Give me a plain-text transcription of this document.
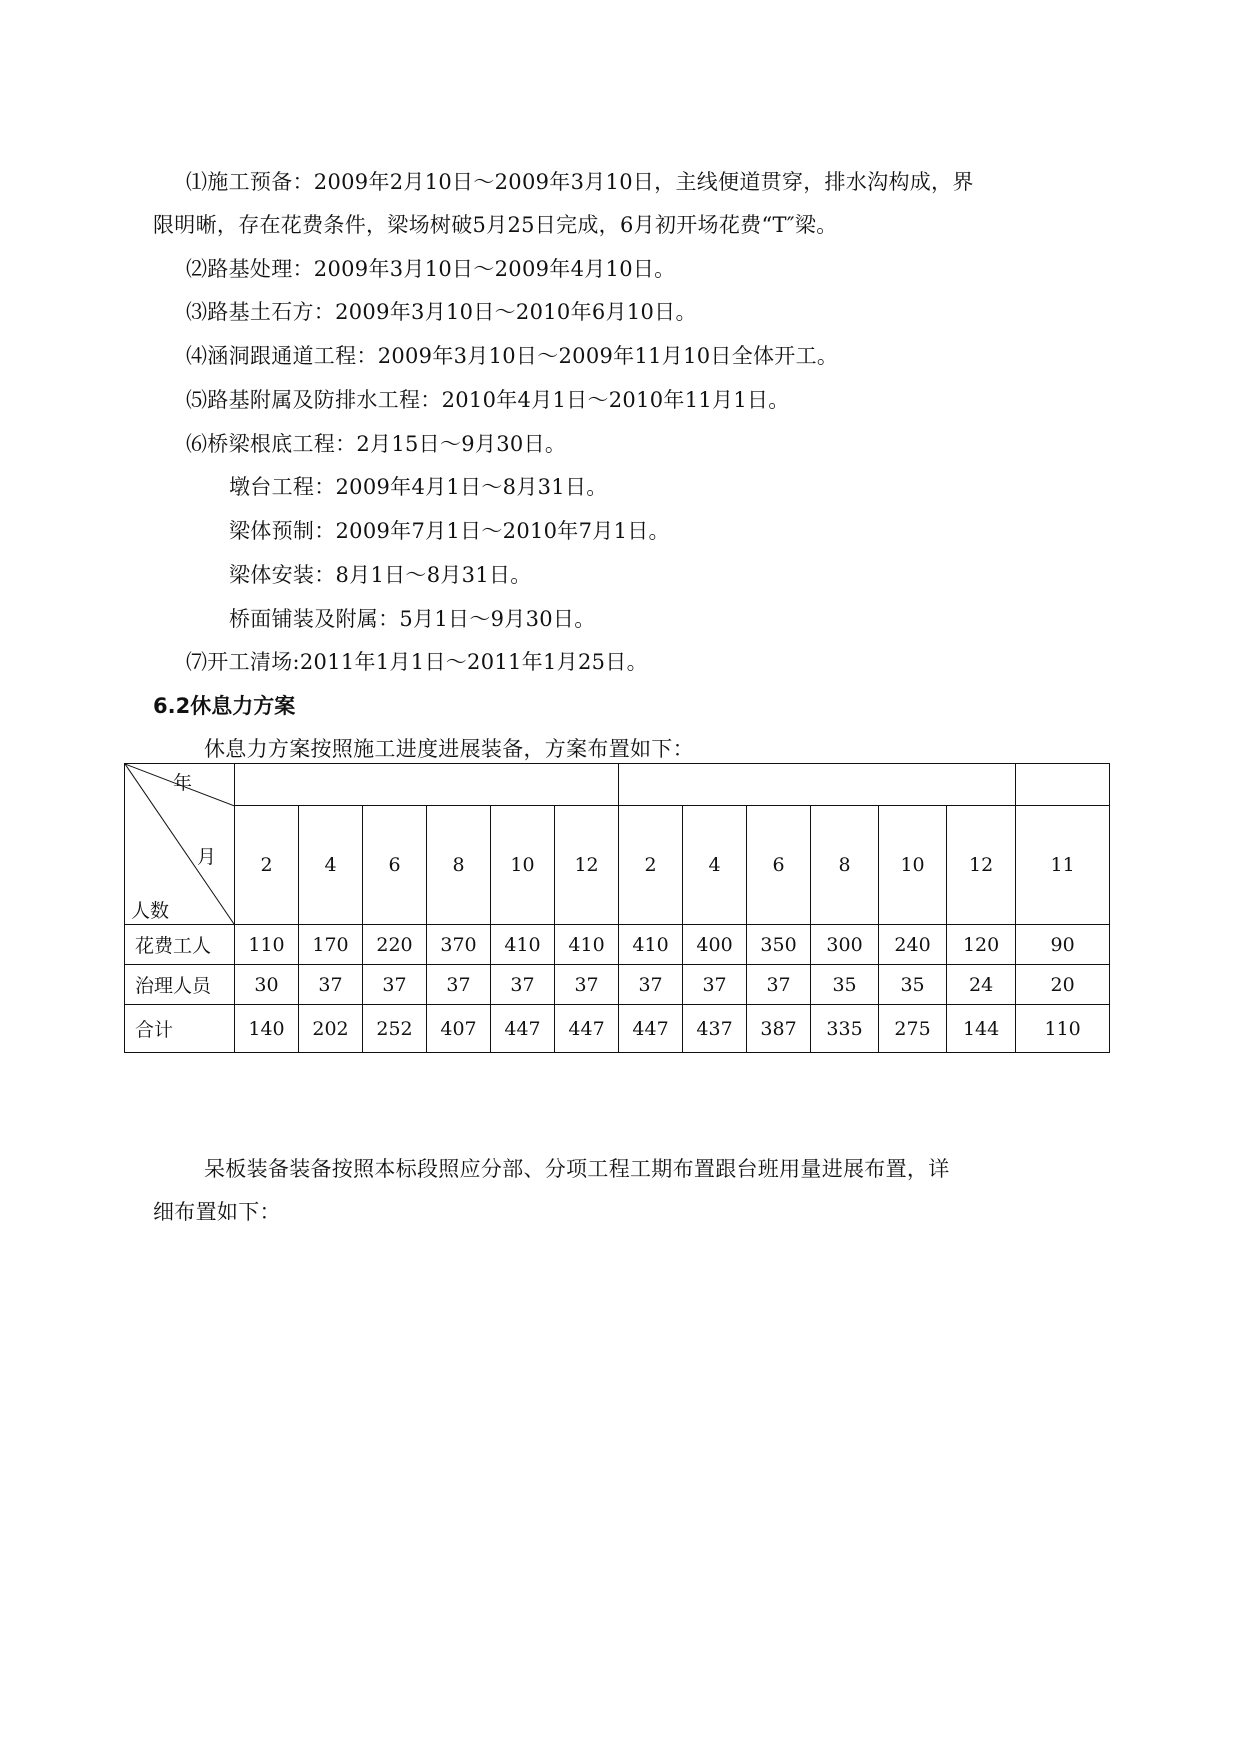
⑴施工预备：2009年2月10日～2009年3月10日，主线便道贯穿，排水沟构成，界
限明晰，存在花费条件，梁场树破5月25日完成，6月初开场花费“T″梁。
⑵路基处理：2009年3月10日～2009年4月10日。
⑶路基土石方：2009年3月10日～2010年6月10日。
⑷涵洞跟通道工程：2009年3月10日～2009年11月10日全体开工。
⑸路基附属及防排水工程：2010年4月1日～2010年11月1日。
⑹桥梁根底工程：2月15日～9月30日。
墩台工程：2009年4月1日～8月31日。
梁体预制：2009年7月1日～2010年7月1日。
梁体安装：8月1日～8月31日。
桥面铺装及附属：5月1日～9月30日。
⑺开工清场:2011年1月1日～2011年1月25日。
6.2休息力方案
休息力方案按照施工进度进展装备，方案布置如下：
年
月
人数													

	2	4	6	8	10	12	2	4	6	8	10	12	11
花费工人	110	170	220	370	410	410	410	400	350	300	240	120	90
治理人员	30	37	37	37	37	37	37	37	37	35	35	24	20
合计	140	202	252	407	447	447	447	437	387	335	275	144	110
呆板装备装备按照本标段照应分部、分项工程工期布置跟台班用量进展布置，详
细布置如下：
